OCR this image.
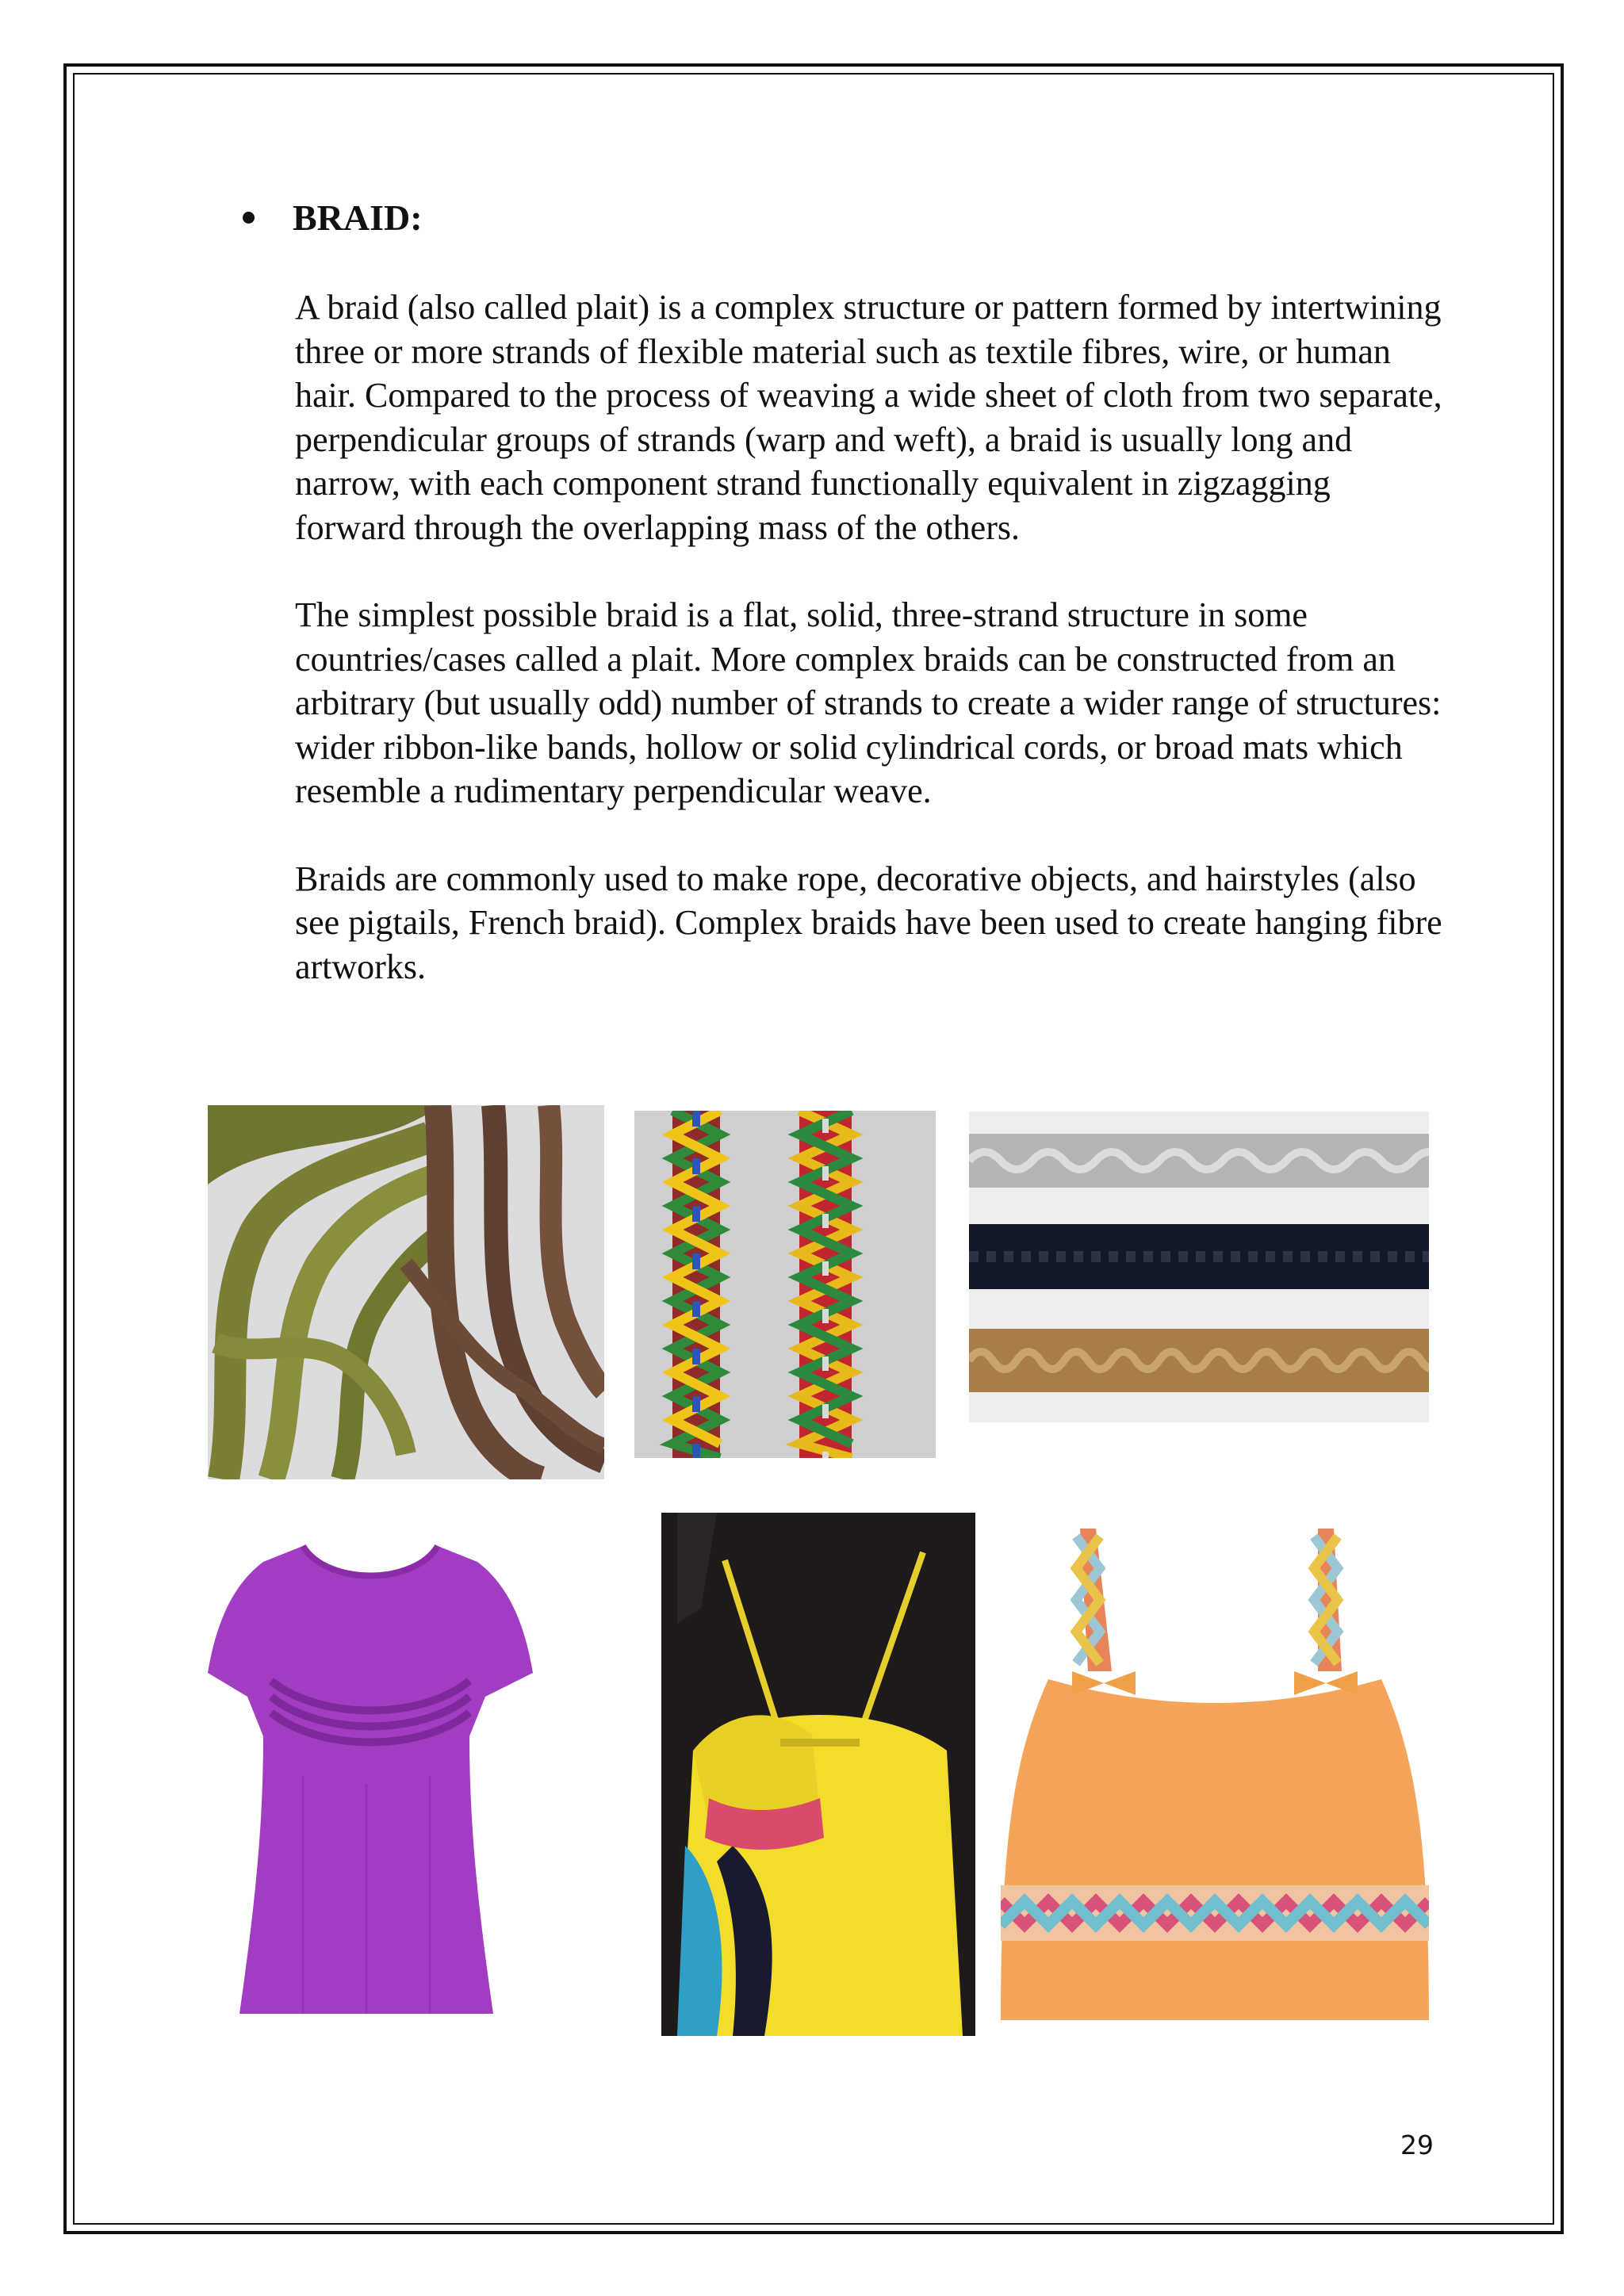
BRAID:

A braid (also called plait) is a complex structure or pattern formed by intertwining three or more strands of flexible material such as textile fibres, wire, or human hair. Compared to the process of weaving a wide sheet of cloth from two separate, perpendicular groups of strands (warp and weft), a braid is usually long and narrow, with each component strand functionally equivalent in zigzagging forward through the overlapping mass of the others.

The simplest possible braid is a flat, solid, three-strand structure in some countries/cases called a plait. More complex braids can be constructed from an arbitrary (but usually odd) number of strands to create a wider range of structures: wider ribbon-like bands, hollow or solid cylindrical cords, or broad mats which resemble a rudimentary perpendicular weave.

Braids are commonly used to make rope, decorative objects, and hairstyles (also see pigtails, French braid). Complex braids have been used to create hanging fibre artworks.

29
